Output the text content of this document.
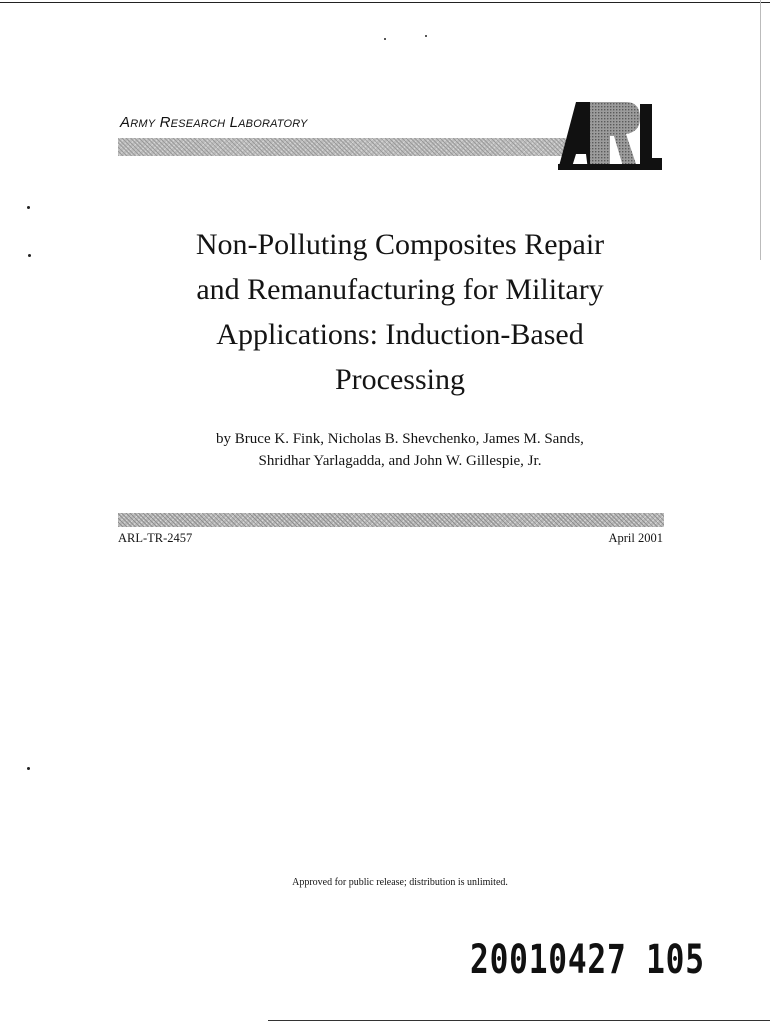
Army Research Laboratory
Non-Polluting Composites Repair
and Remanufacturing for Military
Applications: Induction-Based
Processing
by Bruce K. Fink, Nicholas B. Shevchenko, James M. Sands,
Shridhar Yarlagadda, and John W. Gillespie, Jr.
ARL-TR-2457	April 2001
Approved for public release; distribution is unlimited.
20010427 105
